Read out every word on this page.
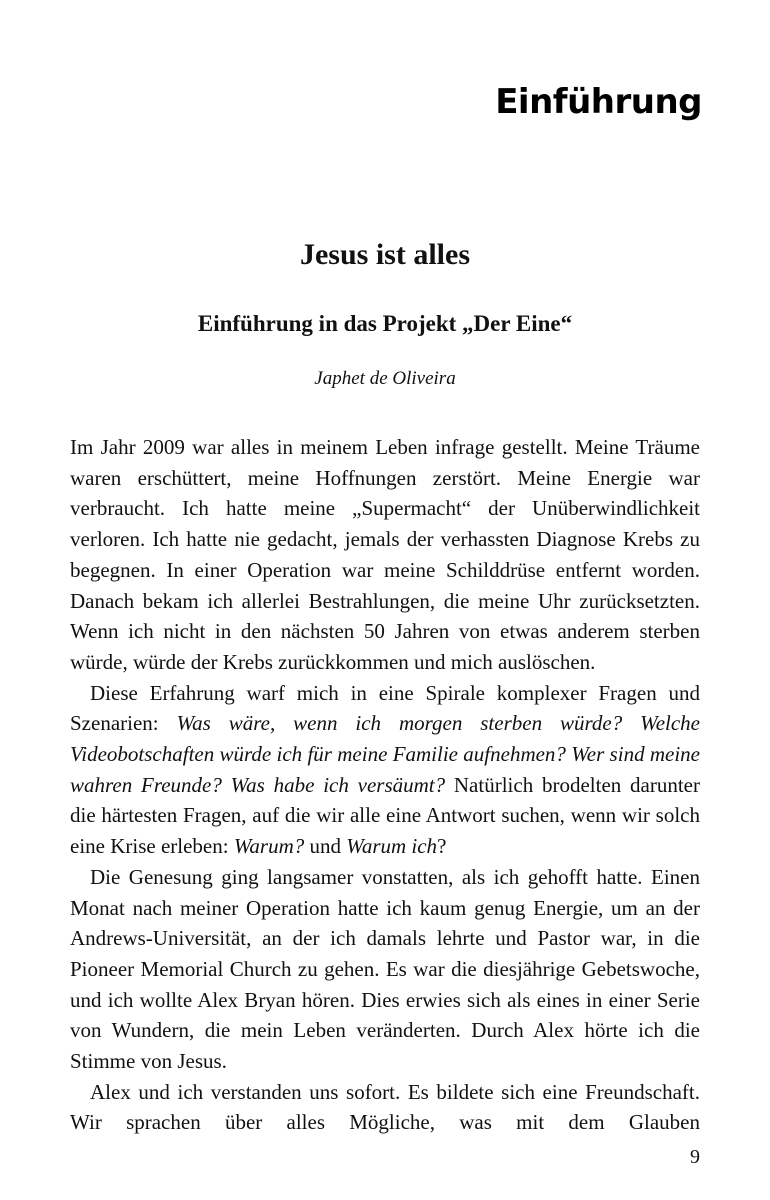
Einführung
Jesus ist alles
Einführung in das Projekt „Der Eine“
Japhet de Oliveira

Im Jahr 2009 war alles in meinem Leben infrage gestellt. Meine Träume waren erschüttert, meine Hoffnungen zerstört. Meine Energie war verbraucht. Ich hatte meine „Supermacht“ der Unüberwindlichkeit verloren. Ich hatte nie gedacht, jemals der verhassten Diagnose Krebs zu begegnen. In einer Operation war meine Schilddrüse entfernt worden. Danach bekam ich allerlei Bestrahlungen, die meine Uhr zurücksetzten. Wenn ich nicht in den nächsten 50 Jahren von etwas anderem sterben würde, würde der Krebs zurückkommen und mich auslöschen.

Diese Erfahrung warf mich in eine Spirale komplexer Fragen und Szenarien: Was wäre, wenn ich morgen sterben würde? Welche Videobotschaften würde ich für meine Familie aufnehmen? Wer sind meine wahren Freunde? Was habe ich versäumt? Natürlich brodelten darunter die härtesten Fragen, auf die wir alle eine Antwort suchen, wenn wir solch eine Krise erleben: Warum? und Warum ich?

Die Genesung ging langsamer vonstatten, als ich gehofft hatte. Einen Monat nach meiner Operation hatte ich kaum genug Energie, um an der Andrews-Universität, an der ich damals lehrte und Pastor war, in die Pioneer Memorial Church zu gehen. Es war die diesjährige Gebetswoche, und ich wollte Alex Bryan hören. Dies erwies sich als eines in einer Serie von Wundern, die mein Leben veränderten. Durch Alex hörte ich die Stimme von Jesus.

Alex und ich verstanden uns sofort. Es bildete sich eine Freundschaft. Wir sprachen über alles Mögliche, was mit dem Glauben

9
